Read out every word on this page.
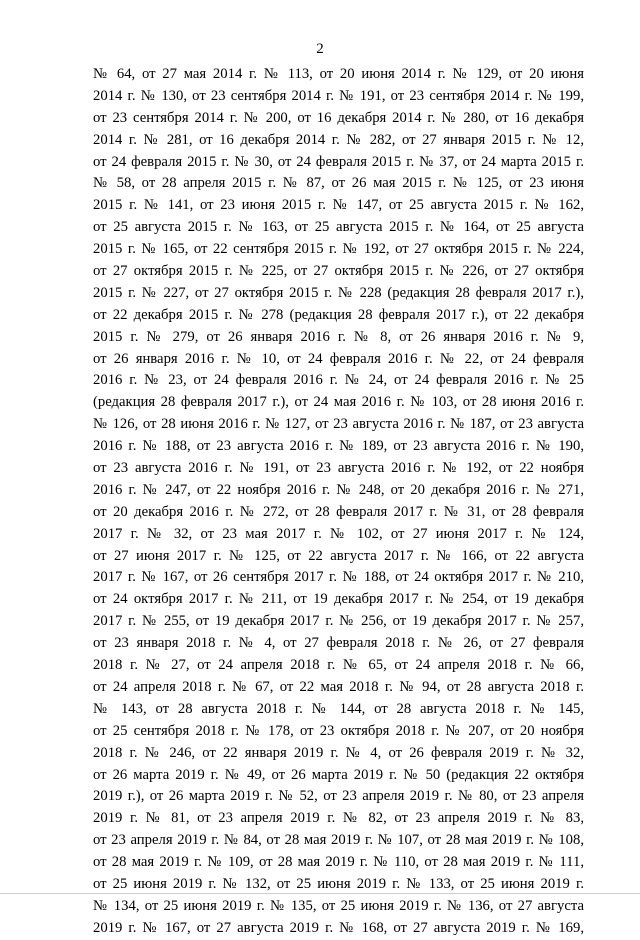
2
№ 64, от 27 мая 2014 г. № 113, от 20 июня 2014 г. № 129, от 20 июня
2014 г. № 130, от 23 сентября 2014 г. № 191, от 23 сентября 2014 г. № 199,
от 23 сентября 2014 г. № 200, от 16 декабря 2014 г. № 280, от 16 декабря
2014 г. № 281, от 16 декабря 2014 г. № 282, от 27 января 2015 г. № 12,
от 24 февраля 2015 г. № 30, от 24 февраля 2015 г. № 37, от 24 марта 2015 г.
№ 58, от 28 апреля 2015 г. № 87, от 26 мая 2015 г. № 125, от 23 июня
2015 г. № 141, от 23 июня 2015 г. № 147, от 25 августа 2015 г. № 162,
от 25 августа 2015 г. № 163, от 25 августа 2015 г. № 164, от 25 августа
2015 г. № 165, от 22 сентября 2015 г. № 192, от 27 октября 2015 г. № 224,
от 27 октября 2015 г. № 225, от 27 октября 2015 г. № 226, от 27 октября
2015 г. № 227, от 27 октября 2015 г. № 228 (редакция 28 февраля 2017 г.),
от 22 декабря 2015 г. № 278 (редакция 28 февраля 2017 г.), от 22 декабря
2015 г. № 279, от 26 января 2016 г. № 8, от 26 января 2016 г. № 9,
от 26 января 2016 г. № 10, от 24 февраля 2016 г. № 22, от 24 февраля
2016 г. № 23, от 24 февраля 2016 г. № 24, от 24 февраля 2016 г. № 25
(редакция 28 февраля 2017 г.), от 24 мая 2016 г. № 103, от 28 июня 2016 г.
№ 126, от 28 июня 2016 г. № 127, от 23 августа 2016 г. № 187, от 23 августа
2016 г. № 188, от 23 августа 2016 г. № 189, от 23 августа 2016 г. № 190,
от 23 августа 2016 г. № 191, от 23 августа 2016 г. № 192, от 22 ноября
2016 г. № 247, от 22 ноября 2016 г. № 248, от 20 декабря 2016 г. № 271,
от 20 декабря 2016 г. № 272, от 28 февраля 2017 г. № 31, от 28 февраля
2017 г. № 32, от 23 мая 2017 г. № 102, от 27 июня 2017 г. № 124,
от 27 июня 2017 г. № 125, от 22 августа 2017 г. № 166, от 22 августа
2017 г. № 167, от 26 сентября 2017 г. № 188, от 24 октября 2017 г. № 210,
от 24 октября 2017 г. № 211, от 19 декабря 2017 г. № 254, от 19 декабря
2017 г. № 255, от 19 декабря 2017 г. № 256, от 19 декабря 2017 г. № 257,
от 23 января 2018 г. № 4, от 27 февраля 2018 г. № 26, от 27 февраля
2018 г. № 27, от 24 апреля 2018 г. № 65, от 24 апреля 2018 г. № 66,
от 24 апреля 2018 г. № 67, от 22 мая 2018 г. № 94, от 28 августа 2018 г.
№ 143, от 28 августа 2018 г. № 144, от 28 августа 2018 г. № 145,
от 25 сентября 2018 г. № 178, от 23 октября 2018 г. № 207, от 20 ноября
2018 г. № 246, от 22 января 2019 г. № 4, от 26 февраля 2019 г. № 32,
от 26 марта 2019 г. № 49, от 26 марта 2019 г. № 50 (редакция 22 октября
2019 г.), от 26 марта 2019 г. № 52, от 23 апреля 2019 г. № 80, от 23 апреля
2019 г. № 81, от 23 апреля 2019 г. № 82, от 23 апреля 2019 г. № 83,
от 23 апреля 2019 г. № 84, от 28 мая 2019 г. № 107, от 28 мая 2019 г. № 108,
от 28 мая 2019 г. № 109, от 28 мая 2019 г. № 110, от 28 мая 2019 г. № 111,
от 25 июня 2019 г. № 132, от 25 июня 2019 г. № 133, от 25 июня 2019 г.
№ 134, от 25 июня 2019 г. № 135, от 25 июня 2019 г. № 136, от 27 августа
2019 г. № 167, от 27 августа 2019 г. № 168, от 27 августа 2019 г. № 169,
